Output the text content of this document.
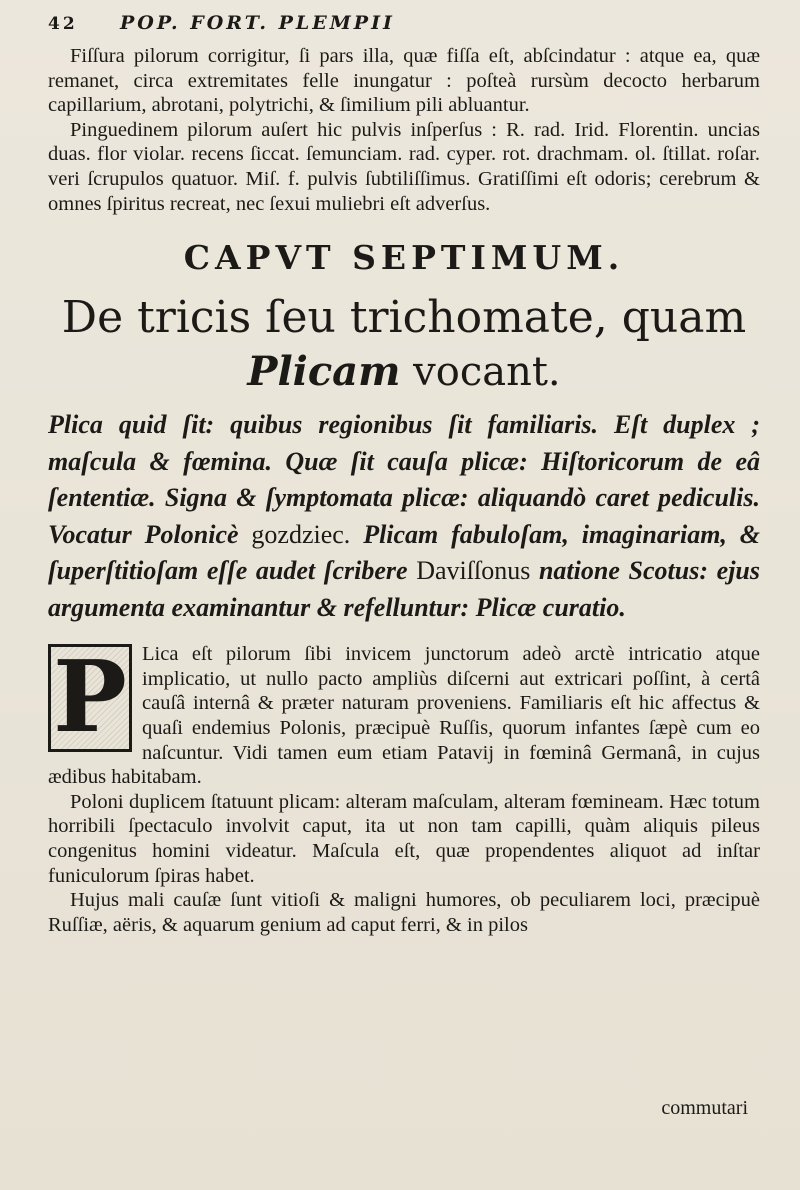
42	POP. FORT. PLEMPII

Fiſſura pilorum corrigitur, ſi pars illa, quæ fiſſa eſt, abſcindatur : atque ea, quæ remanet, circa extremitates felle inungatur : poſteà rursùm decocto herbarum capillarium, abrotani, polytrichi, & ſimilium pili abluantur.

Pinguedinem pilorum auſert hic pulvis inſperſus : R. rad. Irid. Florentin. uncias duas. flor violar. recens ſiccat. ſemunciam. rad. cyper. rot. drachmam. ol. ſtillat. roſar. veri ſcrupulos quatuor. Miſ. f. pulvis ſubtiliſſimus. Gratiſſimi eſt odoris; cerebrum & omnes ſpiritus recreat, nec ſexui muliebri eſt adverſus.

CAPVT SEPTIMUM.

De tricis ſeu trichomate, quam

Plicam vocant.

Plica quid ſit: quibus regionibus ſit familiaris. Eſt duplex ; maſcula & fœmina. Quæ ſit cauſa plicæ: Hiſtoricorum de eâ ſententiæ. Signa & ſymptomata plicæ: aliquandò caret pediculis. Vocatur Polonicè gozdziec. Plicam fabuloſam, imaginariam, & ſuperſtitioſam eſſe audet ſcribere Daviſſonus natione Scotus: ejus argumenta examinantur & refelluntur: Plicæ curatio.

P Lica eſt pilorum ſibi invicem junctorum adeò arctè intricatio atque implicatio, ut nullo pacto ampliùs diſcerni aut extricari poſſint, à certâ cauſâ internâ & præter naturam proveniens. Familiaris eſt hic affectus & quaſi endemius Polonis, præcipuè Ruſſis, quorum infantes ſæpè cum eo naſcuntur. Vidi tamen eum etiam Patavij in fœminâ Germanâ, in cujus ædibus habitabam.

Poloni duplicem ſtatuunt plicam: alteram maſculam, alteram fœmineam. Hæc totum horribili ſpectaculo involvit caput, ita ut non tam capilli, quàm aliquis pileus congenitus homini videatur. Maſcula eſt, quæ propendentes aliquot ad inſtar funiculorum ſpiras habet.

Hujus mali cauſæ ſunt vitioſi & maligni humores, ob peculiarem loci, præcipuè Ruſſiæ, aëris, & aquarum genium ad caput ferri, & in pilos

commutari
